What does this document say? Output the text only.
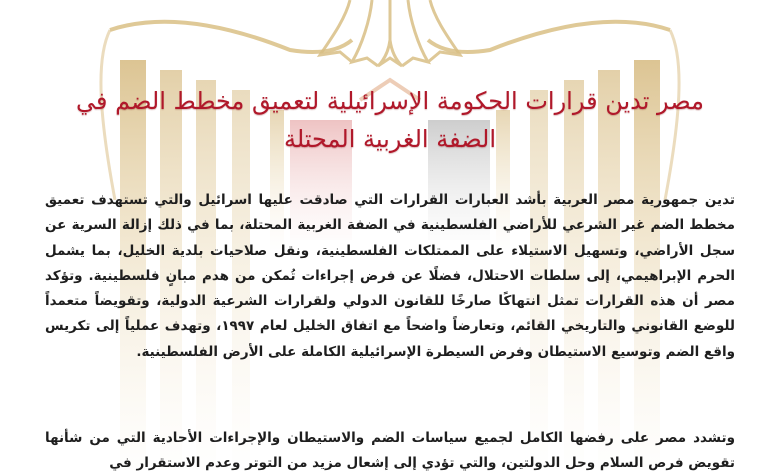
مصر تدين قرارات الحكومة الإسرائيلية لتعميق مخطط الضم في الضفة الغربية المحتلة

تدين جمهورية مصر العربية بأشد العبارات القرارات التي صادقت عليها اسرائيل والتي تستهدف تعميق مخطط الضم غير الشرعي للأراضي الفلسطينية في الضفة الغربية المحتلة، بما في ذلك إزالة السرية عن سجل الأراضي، وتسهيل الاستيلاء على الممتلكات الفلسطينية، ونقل صلاحيات بلدية الخليل، بما يشمل الحرم الإبراهيمي، إلى سلطات الاحتلال، فضلًا عن فرض إجراءات تُمكن من هدم مبانٍ فلسطينية. وتؤكد مصر أن هذه القرارات تمثل انتهاكًا صارخًا للقانون الدولي ولقرارات الشرعية الدولية، وتقويضاً متعمداً للوضع القانوني والتاريخي القائم، وتعارضاً واضحاً مع اتفاق الخليل لعام ١٩٩٧، وتهدف عملياً إلى تكريس واقع الضم وتوسيع الاستيطان وفرض السيطرة الإسرائيلية الكاملة على الأرض الفلسطينية.

وتشدد مصر على رفضها الكامل لجميع سياسات الضم والاستيطان والإجراءات الأحادية التي من شأنها تقويض فرص السلام وحل الدولتين، والتي تؤدي إلى إشعال مزيد من التوتر وعدم الاستقرار في
